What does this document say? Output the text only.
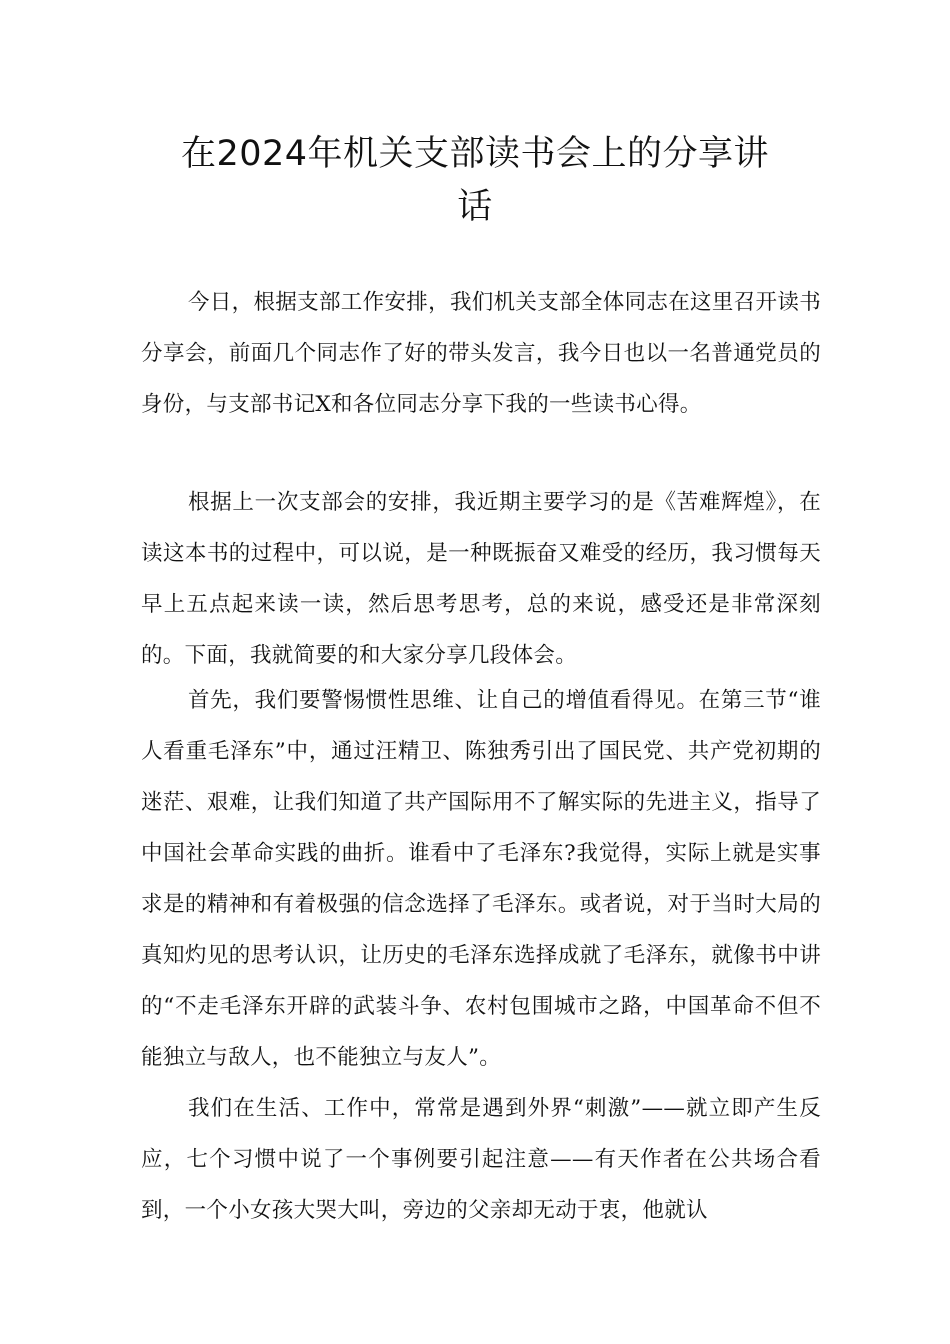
在2024年机关支部读书会上的分享讲
话

今日，根据支部工作安排，我们机关支部全体同志在这里召开读书分享会，前面几个同志作了好的带头发言，我今日也以一名普通党员的身份，与支部书记X和各位同志分享下我的一些读书心得。

根据上一次支部会的安排，我近期主要学习的是《苦难辉煌》，在读这本书的过程中，可以说，是一种既振奋又难受的经历，我习惯每天早上五点起来读一读，然后思考思考，总的来说，感受还是非常深刻的。下面，我就简要的和大家分享几段体会。

首先，我们要警惕惯性思维、让自己的增值看得见。在第三节“谁人看重毛泽东”中，通过汪精卫、陈独秀引出了国民党、共产党初期的迷茫、艰难，让我们知道了共产国际用不了解实际的先进主义，指导了中国社会革命实践的曲折。谁看中了毛泽东?我觉得，实际上就是实事求是的精神和有着极强的信念选择了毛泽东。或者说，对于当时大局的真知灼见的思考认识，让历史的毛泽东选择成就了毛泽东，就像书中讲的“不走毛泽东开辟的武装斗争、农村包围城市之路，中国革命不但不能独立与敌人，也不能独立与友人”。

我们在生活、工作中，常常是遇到外界“刺激”——就立即产生反应，七个习惯中说了一个事例要引起注意——有天作者在公共场合看到，一个小女孩大哭大叫，旁边的父亲却无动于衷，他就认
